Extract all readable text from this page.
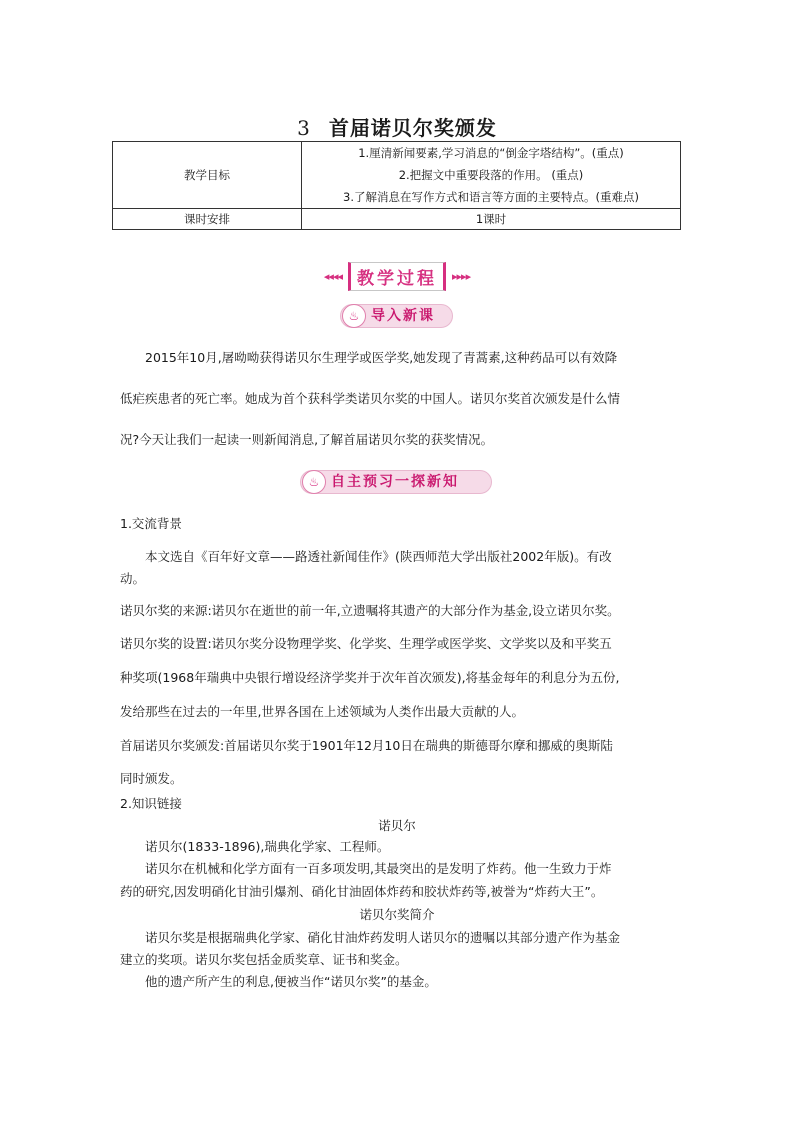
3 首届诺贝尔奖颁发
教学目标	1.厘清新闻要素,学习消息的“倒金字塔结构”。(重点)
2.把握文中重要段落的作用。 (重点)
3.了解消息在写作方式和语言等方面的主要特点。(重难点)

课时安排	1课时
◂◂◂◂ 教学过程 ▸▸▸▸
♨ 导入新课
2015年10月,屠呦呦获得诺贝尔生理学或医学奖,她发现了青蒿素,这种药品可以有效降
低疟疾患者的死亡率。她成为首个获科学类诺贝尔奖的中国人。诺贝尔奖首次颁发是什么情
况?今天让我们一起读一则新闻消息,了解首届诺贝尔奖的获奖情况。
♨ 自主预习一探新知
1.交流背景
本文选自《百年好文章——路透社新闻佳作》(陕西师范大学出版社2002年版)。有改
动。
诺贝尔奖的来源:诺贝尔在逝世的前一年,立遗嘱将其遗产的大部分作为基金,设立诺贝尔奖。
诺贝尔奖的设置:诺贝尔奖分设物理学奖、化学奖、生理学或医学奖、文学奖以及和平奖五
种奖项(1968年瑞典中央银行增设经济学奖并于次年首次颁发),将基金每年的利息分为五份,
发给那些在过去的一年里,世界各国在上述领域为人类作出最大贡献的人。
首届诺贝尔奖颁发:首届诺贝尔奖于1901年12月10日在瑞典的斯德哥尔摩和挪威的奥斯陆
同时颁发。
2.知识链接
诺贝尔
诺贝尔(1833-1896),瑞典化学家、工程师。
诺贝尔在机械和化学方面有一百多项发明,其最突出的是发明了炸药。他一生致力于炸
药的研究,因发明硝化甘油引爆剂、硝化甘油固体炸药和胶状炸药等,被誉为“炸药大王”。
诺贝尔奖简介
诺贝尔奖是根据瑞典化学家、硝化甘油炸药发明人诺贝尔的遗嘱以其部分遗产作为基金
建立的奖项。诺贝尔奖包括金质奖章、证书和奖金。
他的遗产所产生的利息,便被当作“诺贝尔奖”的基金。
